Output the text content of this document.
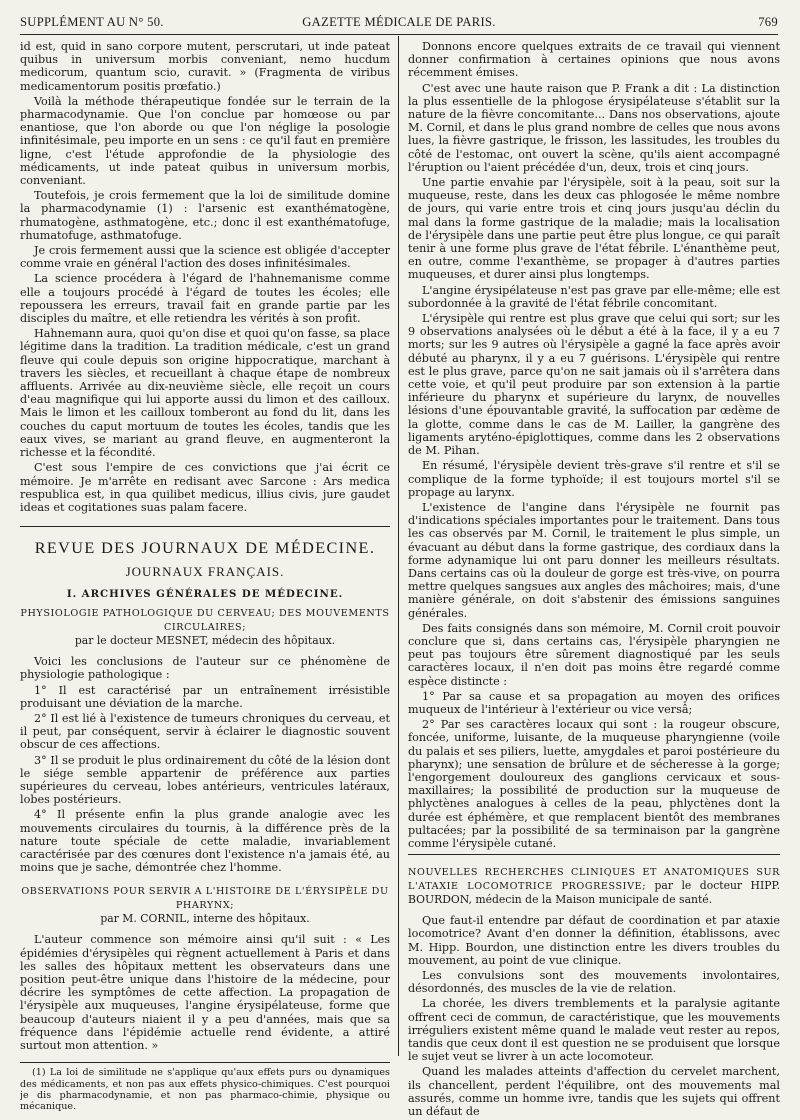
SUPPLÉMENT AU N° 50.	GAZETTE MÉDICALE DE PARIS.	769

id est, quid in sano corpore mutent, perscrutari, ut inde pateat quibus in universum morbis conveniant, nemo hucdum medicorum, quantum scio, curavit. » (Fragmenta de viribus medicamentorum positis prœfatio.)

Voilà la méthode thérapeutique fondée sur le terrain de la pharmacodynamie. Que l'on conclue par homœose ou par enantiose, que l'on aborde ou que l'on néglige la posologie infinitésimale, peu importe en un sens : ce qu'il faut en première ligne, c'est l'étude approfondie de la physiologie des médicaments, ut inde pateat quibus in universum morbis, conveniant.

Toutefois, je crois fermement que la loi de similitude domine la pharmacodynamie (1) : l'arsenic est exanthématogène, rhumatogène, asthmatogène, etc.; donc il est exanthématofuge, rhumatofuge, asthmatofuge.

Je crois fermement aussi que la science est obligée d'accepter comme vraie en général l'action des doses infinitésimales.

La science procédera à l'égard de l'hahnemanisme comme elle a toujours procédé à l'égard de toutes les écoles; elle repoussera les erreurs, travail fait en grande partie par les disciples du maître, et elle retiendra les vérités à son profit.

Hahnemann aura, quoi qu'on dise et quoi qu'on fasse, sa place légitime dans la tradition. La tradition médicale, c'est un grand fleuve qui coule depuis son origine hippocratique, marchant à travers les siècles, et recueillant à chaque étape de nombreux affluents. Arrivée au dix-neuvième siècle, elle reçoit un cours d'eau magnifique qui lui apporte aussi du limon et des cailloux. Mais le limon et les cailloux tomberont au fond du lit, dans les couches du caput mortuum de toutes les écoles, tandis que les eaux vives, se mariant au grand fleuve, en augmenteront la richesse et la fécondité.

C'est sous l'empire de ces convictions que j'ai écrit ce mémoire. Je m'arrête en redisant avec Sarcone : Ars medica respublica est, in qua quilibet medicus, illius civis, jure gaudet ideas et cogitationes suas palam facere.

REVUE DES JOURNAUX DE MÉDECINE.
JOURNAUX FRANÇAIS.
I. ARCHIVES GÉNÉRALES DE MÉDECINE.
PHYSIOLOGIE PATHOLOGIQUE DU CERVEAU; DES MOUVEMENTS CIRCULAIRES;
par le docteur MESNET, médecin des hôpitaux.

Voici les conclusions de l'auteur sur ce phénomène de physiologie pathologique :

1° Il est caractérisé par un entraînement irrésistible produisant une déviation de la marche.

2° Il est lié à l'existence de tumeurs chroniques du cerveau, et il peut, par conséquent, servir à éclairer le diagnostic souvent obscur de ces affections.

3° Il se produit le plus ordinairement du côté de la lésion dont le siége semble appartenir de préférence aux parties supérieures du cerveau, lobes antérieurs, ventricules latéraux, lobes postérieurs.

4° Il présente enfin la plus grande analogie avec les mouvements circulaires du tournis, à la différence près de la nature toute spéciale de cette maladie, invariablement caractérisée par des cœnures dont l'existence n'a jamais été, au moins que je sache, démontrée chez l'homme.

OBSERVATIONS POUR SERVIR A L'HISTOIRE DE L'ÉRYSIPÈLE DU PHARYNX;
par M. CORNIL, interne des hôpitaux.

L'auteur commence son mémoire ainsi qu'il suit : « Les épidémies d'érysipèles qui règnent actuellement à Paris et dans les salles des hôpitaux mettent les observateurs dans une position peut-être unique dans l'histoire de la médecine, pour décrire les symptômes de cette affection. La propagation de l'érysipèle aux muqueuses, l'angine érysipélateuse, forme que beaucoup d'auteurs niaient il y a peu d'années, mais que sa fréquence dans l'épidémie actuelle rend évidente, a attiré surtout mon attention. »

(1) La loi de similitude ne s'applique qu'aux effets purs ou dynamiques des médicaments, et non pas aux effets physico-chimiques. C'est pourquoi je dis pharmacodynamie, et non pas pharmaco-chimie, physique ou mécanique.

Donnons encore quelques extraits de ce travail qui viennent donner confirmation à certaines opinions que nous avons récemment émises.

C'est avec une haute raison que P. Frank a dit : La distinction la plus essentielle de la phlogose érysipélateuse s'établit sur la nature de la fièvre concomitante... Dans nos observations, ajoute M. Cornil, et dans le plus grand nombre de celles que nous avons lues, la fièvre gastrique, le frisson, les lassitudes, les troubles du côté de l'estomac, ont ouvert la scène, qu'ils aient accompagné l'éruption ou l'aient précédée d'un, deux, trois et cinq jours.

Une partie envahie par l'érysipèle, soit à la peau, soit sur la muqueuse, reste, dans les deux cas phlogosée le même nombre de jours, qui varie entre trois et cinq jours jusqu'au déclin du mal dans la forme gastrique de la maladie; mais la localisation de l'érysipèle dans une partie peut être plus longue, ce qui paraît tenir à une forme plus grave de l'état fébrile. L'énanthème peut, en outre, comme l'exanthème, se propager à d'autres parties muqueuses, et durer ainsi plus longtemps.

L'angine érysipélateuse n'est pas grave par elle-même; elle est subordonnée à la gravité de l'état fébrile concomitant.

L'érysipèle qui rentre est plus grave que celui qui sort; sur les 9 observations analysées où le début a été à la face, il y a eu 7 morts; sur les 9 autres où l'érysipèle a gagné la face après avoir débuté au pharynx, il y a eu 7 guérisons. L'érysipèle qui rentre est le plus grave, parce qu'on ne sait jamais où il s'arrêtera dans cette voie, et qu'il peut produire par son extension à la partie inférieure du pharynx et supérieure du larynx, de nouvelles lésions d'une épouvantable gravité, la suffocation par œdème de la glotte, comme dans le cas de M. Lailler, la gangrène des ligaments aryténo-épiglottiques, comme dans les 2 observations de M. Pihan.

En résumé, l'érysipèle devient très-grave s'il rentre et s'il se complique de la forme typhoïde; il est toujours mortel s'il se propage au larynx.

L'existence de l'angine dans l'érysipèle ne fournit pas d'indications spéciales importantes pour le traitement. Dans tous les cas observés par M. Cornil, le traitement le plus simple, un évacuant au début dans la forme gastrique, des cordiaux dans la forme adynamique lui ont paru donner les meilleurs résultats. Dans certains cas où la douleur de gorge est très-vive, on pourra mettre quelques sangsues aux angles des mâchoires; mais, d'une manière générale, on doit s'abstenir des émissions sanguines générales.

Des faits consignés dans son mémoire, M. Cornil croit pouvoir conclure que si, dans certains cas, l'érysipèle pharyngien ne peut pas toujours être sûrement diagnostiqué par les seuls caractères locaux, il n'en doit pas moins être regardé comme espèce distincte :

1° Par sa cause et sa propagation au moyen des orifices muqueux de l'intérieur à l'extérieur ou vice versâ;

2° Par ses caractères locaux qui sont : la rougeur obscure, foncée, uniforme, luisante, de la muqueuse pharyngienne (voile du palais et ses piliers, luette, amygdales et paroi postérieure du pharynx); une sensation de brûlure et de sécheresse à la gorge; l'engorgement douloureux des ganglions cervicaux et sous-maxillaires; la possibilité de production sur la muqueuse de phlyctènes analogues à celles de la peau, phlyctènes dont la durée est éphémère, et que remplacent bientôt des membranes pultacées; par la possibilité de sa terminaison par la gangrène comme l'érysipèle cutané.

NOUVELLES RECHERCHES CLINIQUES ET ANATOMIQUES SUR L'ATAXIE LOCOMOTRICE PROGRESSIVE; par le docteur HIPP. BOURDON, médecin de la Maison municipale de santé.

Que faut-il entendre par défaut de coordination et par ataxie locomotrice? Avant d'en donner la définition, établissons, avec M. Hipp. Bourdon, une distinction entre les divers troubles du mouvement, au point de vue clinique.

Les convulsions sont des mouvements involontaires, désordonnés, des muscles de la vie de relation.

La chorée, les divers tremblements et la paralysie agitante offrent ceci de commun, de caractéristique, que les mouvements irréguliers existent même quand le malade veut rester au repos, tandis que ceux dont il est question ne se produisent que lorsque le sujet veut se livrer à un acte locomoteur.

Quand les malades atteints d'affection du cervelet marchent, ils chancellent, perdent l'équilibre, ont des mouvements mal assurés, comme un homme ivre, tandis que les sujets qui offrent un défaut de
